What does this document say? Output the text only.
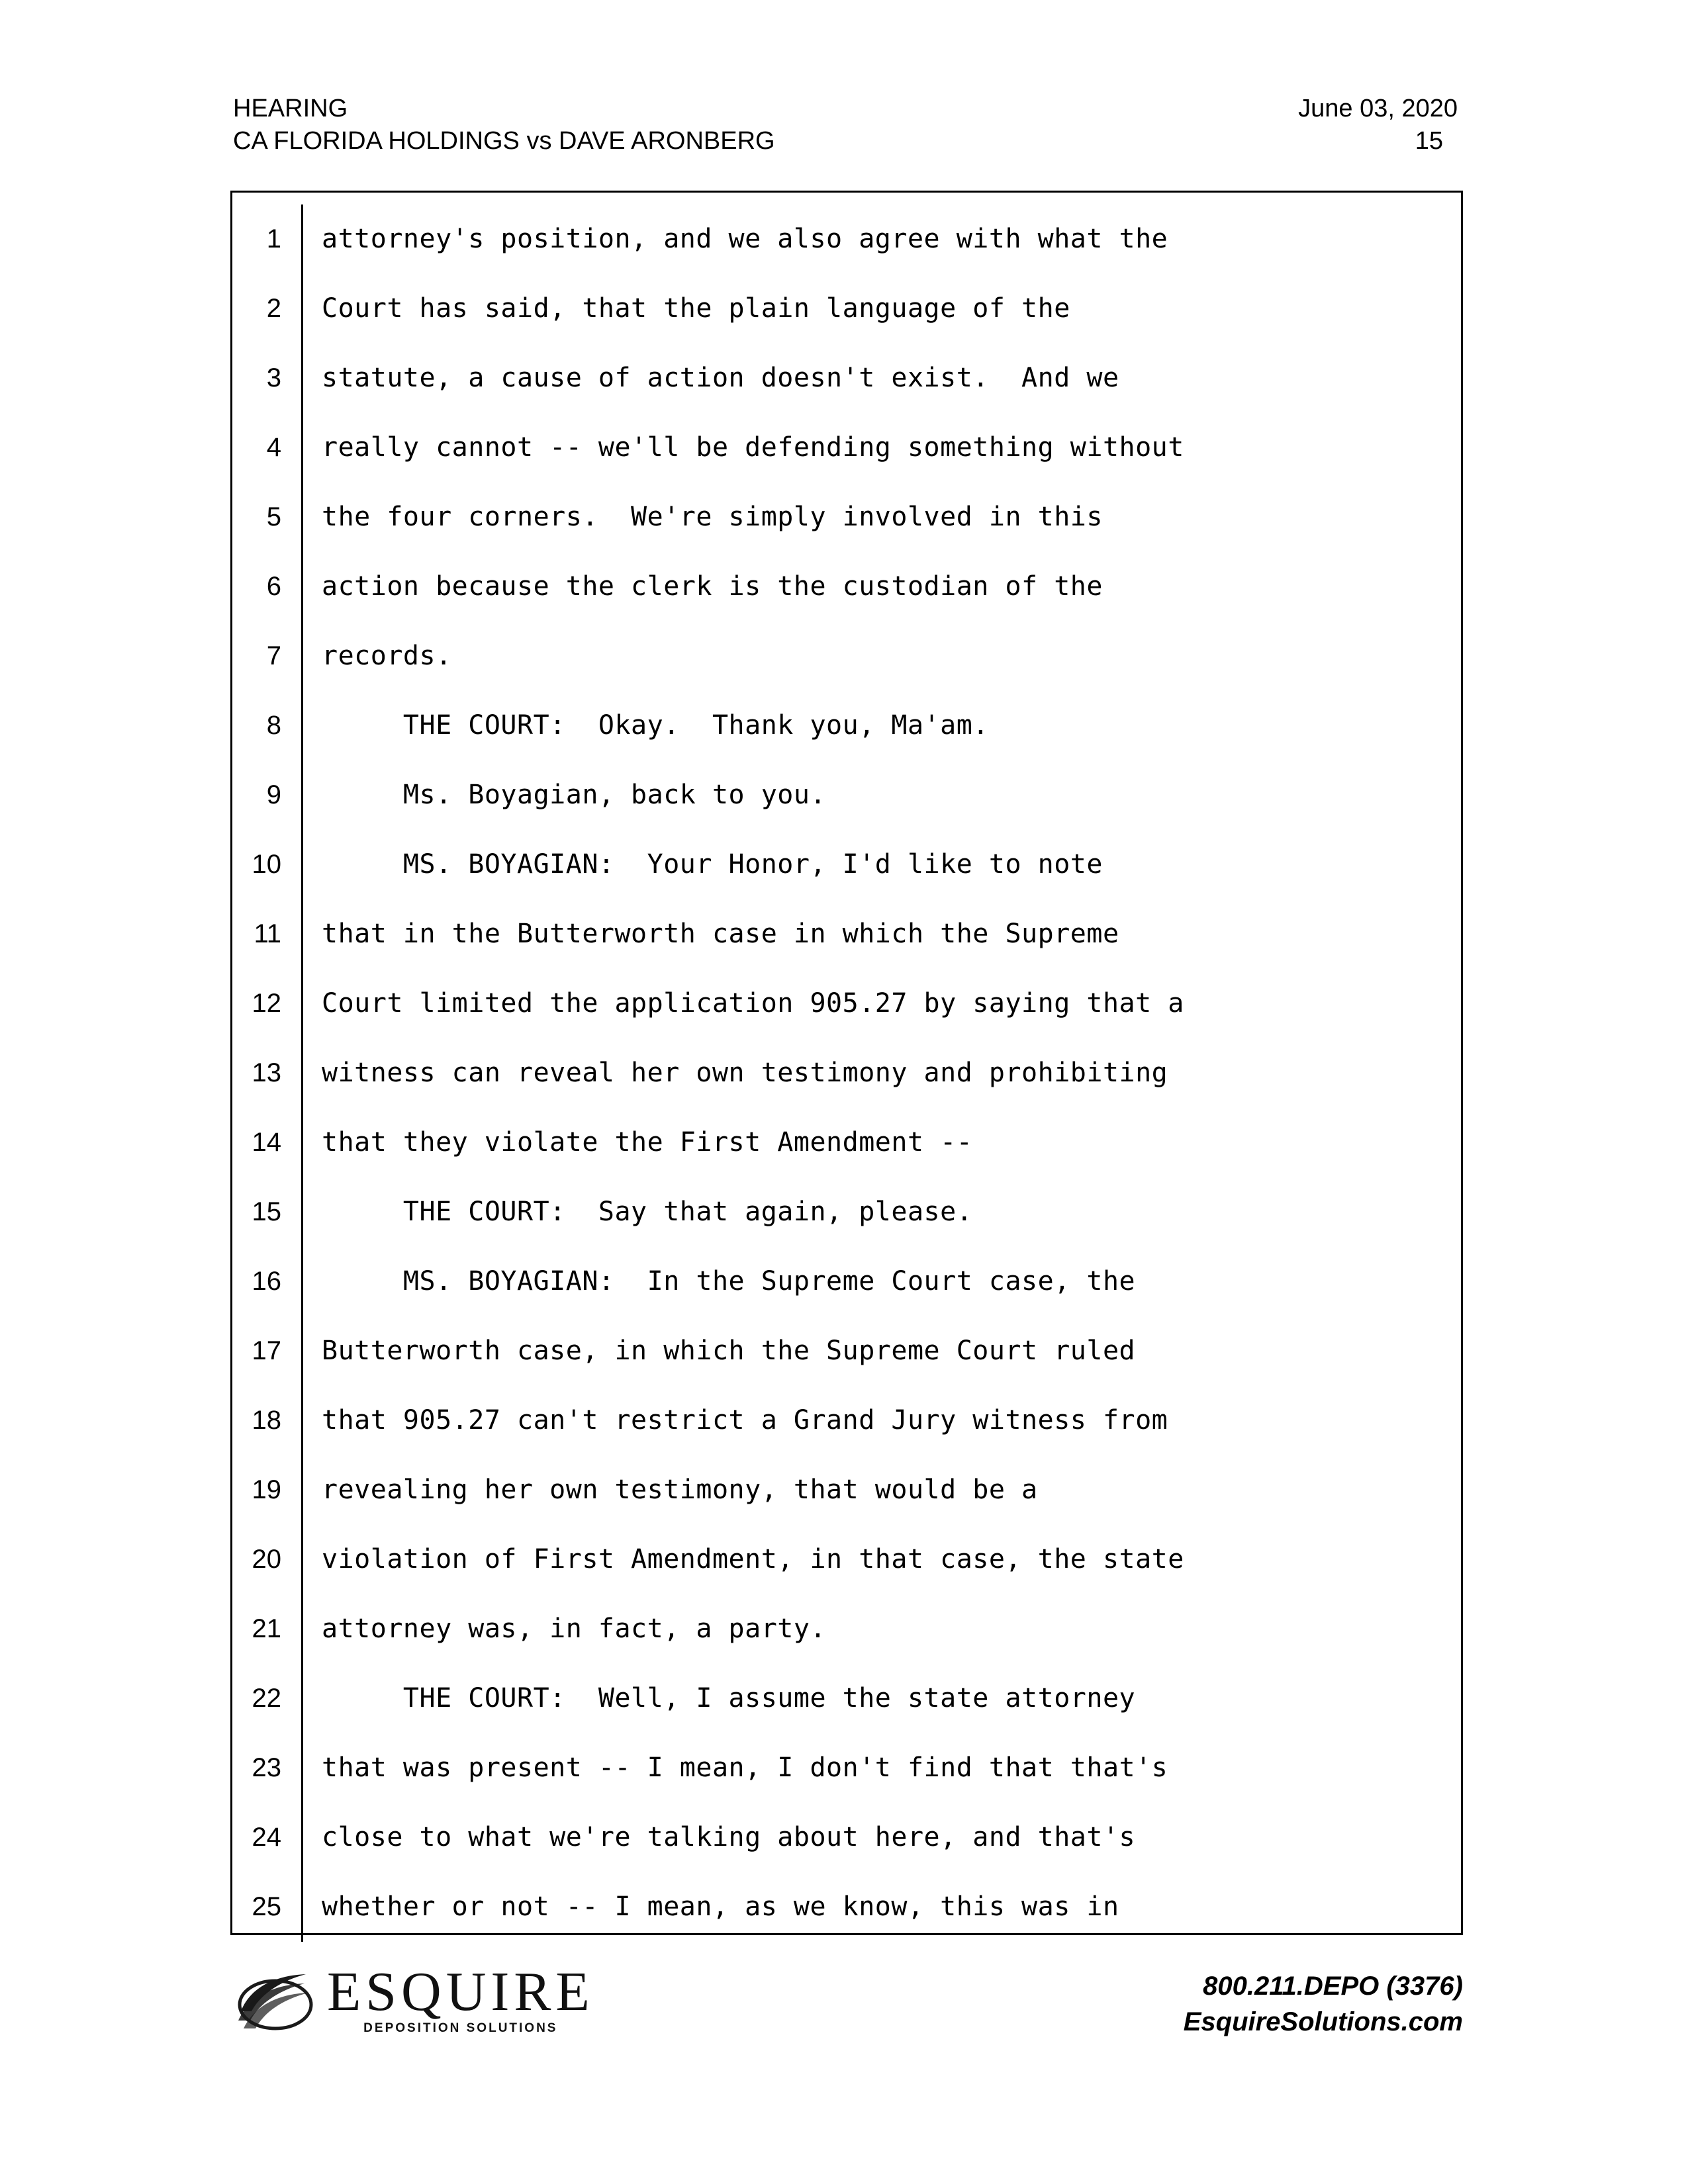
HEARING	June 03, 2020
CA FLORIDA HOLDINGS vs DAVE ARONBERG	15
1	attorney's position, and we also agree with what the
2	Court has said, that the plain language of the
3	statute, a cause of action doesn't exist.  And we
4	really cannot -- we'll be defending something without
5	the four corners.  We're simply involved in this
6	action because the clerk is the custodian of the
7	records.
8	THE COURT:  Okay.  Thank you, Ma'am.
9	Ms. Boyagian, back to you.
10	MS. BOYAGIAN:  Your Honor, I'd like to note
11	that in the Butterworth case in which the Supreme
12	Court limited the application 905.27 by saying that a
13	witness can reveal her own testimony and prohibiting
14	that they violate the First Amendment --
15	THE COURT:  Say that again, please.
16	MS. BOYAGIAN:  In the Supreme Court case, the
17	Butterworth case, in which the Supreme Court ruled
18	that 905.27 can't restrict a Grand Jury witness from
19	revealing her own testimony, that would be a
20	violation of First Amendment, in that case, the state
21	attorney was, in fact, a party.
22	THE COURT:  Well, I assume the state attorney
23	that was present -- I mean, I don't find that that's
24	close to what we're talking about here, and that's
25	whether or not -- I mean, as we know, this was in
ESQUIRE
DEPOSITION SOLUTIONS
800.211.DEPO (3376)
EsquireSolutions.com
